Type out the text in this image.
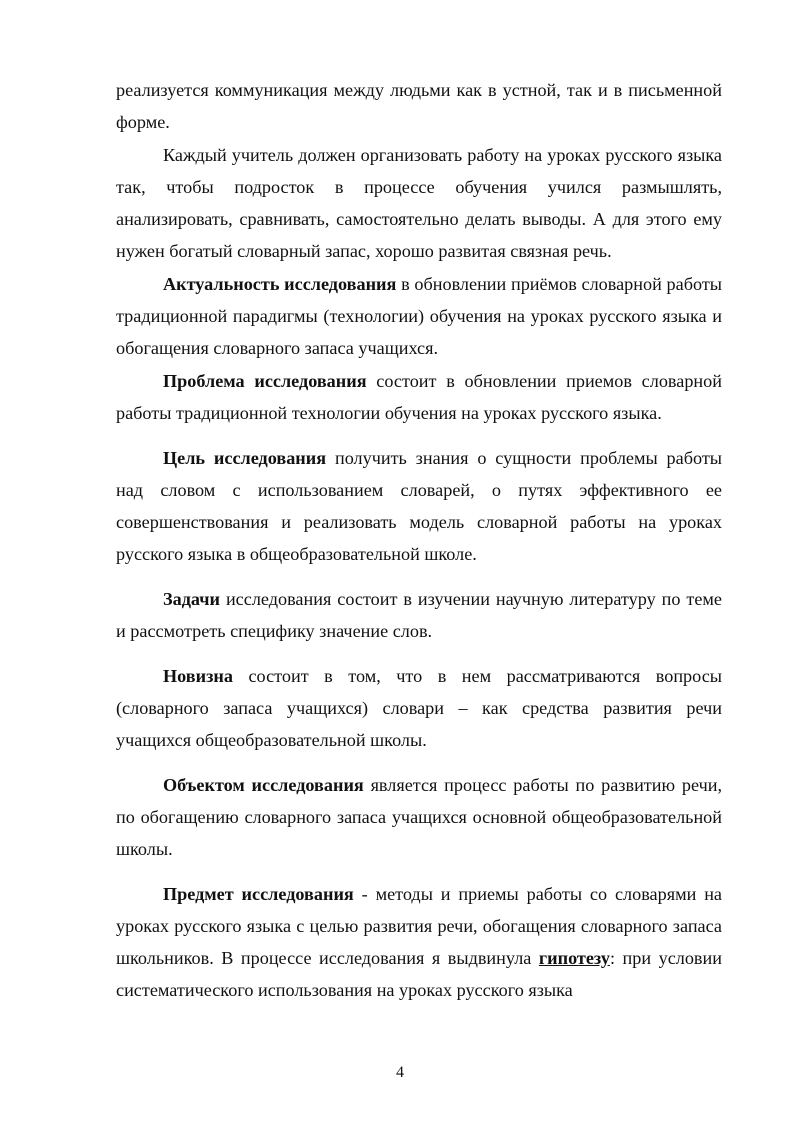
реализуется коммуникация между людьми как в устной, так и в письменной форме.

Каждый учитель должен организовать работу на уроках русского языка так, чтобы подросток в процессе обучения учился размышлять, анализировать, сравнивать, самостоятельно делать выводы. А для этого ему нужен богатый словарный запас, хорошо развитая связная речь.

Актуальность исследования в обновлении приёмов словарной работы традиционной парадигмы (технологии) обучения на уроках русского языка и обогащения словарного запаса учащихся.

Проблема исследования состоит в обновлении приемов словарной работы традиционной технологии обучения на уроках русского языка.

Цель исследования получить знания о сущности проблемы работы над словом с использованием словарей, о путях эффективного ее совершенствования и реализовать модель словарной работы на уроках русского языка в общеобразовательной школе.

Задачи исследования состоит в изучении научную литературу по теме и рассмотреть специфику значение слов.

Новизна состоит в том, что в нем рассматриваются вопросы (словарного запаса учащихся) словари – как средства развития речи учащихся общеобразовательной школы.

Объектом исследования является процесс работы по развитию речи, по обогащению словарного запаса учащихся основной общеобразовательной школы.

Предмет исследования - методы и приемы работы со словарями на уроках русского языка с целью развития речи, обогащения словарного запаса школьников. В процессе исследования я выдвинула гипотезу: при условии систематического использования на уроках русского языка

4
